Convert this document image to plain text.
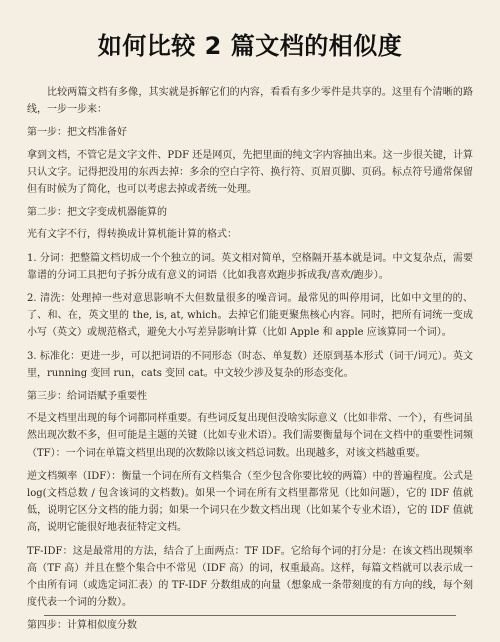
如何比较 2 篇文档的相似度

比较两篇文档有多像，其实就是拆解它们的内容，看看有多少零件是共享的。这里有个清晰的路线，一步一步来：

第一步：把文档准备好

拿到文档，不管它是文字文件、PDF 还是网页，先把里面的纯文字内容抽出来。这一步很关键，计算只认文字。记得把没用的东西去掉：多余的空白字符、换行符、页眉页脚、页码。标点符号通常保留但有时候为了简化，也可以考虑去掉或者统一处理。

第二步：把文字变成机器能算的

光有文字不行，得转换成计算机能计算的格式：

1. 分词：把整篇文档切成一个个独立的词。英文相对简单，空格隔开基本就是词。中文复杂点，需要靠谱的分词工具把句子拆分成有意义的词语（比如我喜欢跑步拆成我/喜欢/跑步）。

2. 清洗：处理掉一些对意思影响不大但数量很多的噪音词。最常见的叫停用词，比如中文里的的、了、和、在，英文里的 the, is, at, which。去掉它们能更聚焦核心内容。同时，把所有词统一变成小写（英文）或规范格式，避免大小写差异影响计算（比如 Apple 和 apple 应该算同一个词）。

3. 标准化：更进一步，可以把词语的不同形态（时态、单复数）还原到基本形式（词干/词元）。英文里，running 变回 run，cats 变回 cat。中文较少涉及复杂的形态变化。

第三步：给词语赋予重要性

不是文档里出现的每个词都同样重要。有些词反复出现但没啥实际意义（比如非常、一个），有些词虽然出现次数不多，但可能是主题的关键（比如专业术语）。我们需要衡量每个词在文档中的重要性词频（TF）：一个词在单篇文档里出现的次数除以该文档总词数。出现越多，对该文档越重要。

逆文档频率（IDF）：衡量一个词在所有文档集合（至少包含你要比较的两篇）中的普遍程度。公式是 log(文档总数 / 包含该词的文档数)。如果一个词在所有文档里都常见（比如问题），它的 IDF 值就低，说明它区分文档的能力弱；如果一个词只在少数文档出现（比如某个专业术语），它的 IDF 值就高，说明它能很好地表征特定文档。

TF-IDF：这是最常用的方法，结合了上面两点：TF IDF。它给每个词的打分是：在该文档出现频率高（TF 高）并且在整个集合中不常见（IDF 高）的词，权重最高。这样，每篇文档就可以表示成一个由所有词（或选定词汇表）的 TF-IDF 分数组成的向量（想象成一条带刻度的有方向的线，每个刻度代表一个词的分数）。

第四步：计算相似度分数
